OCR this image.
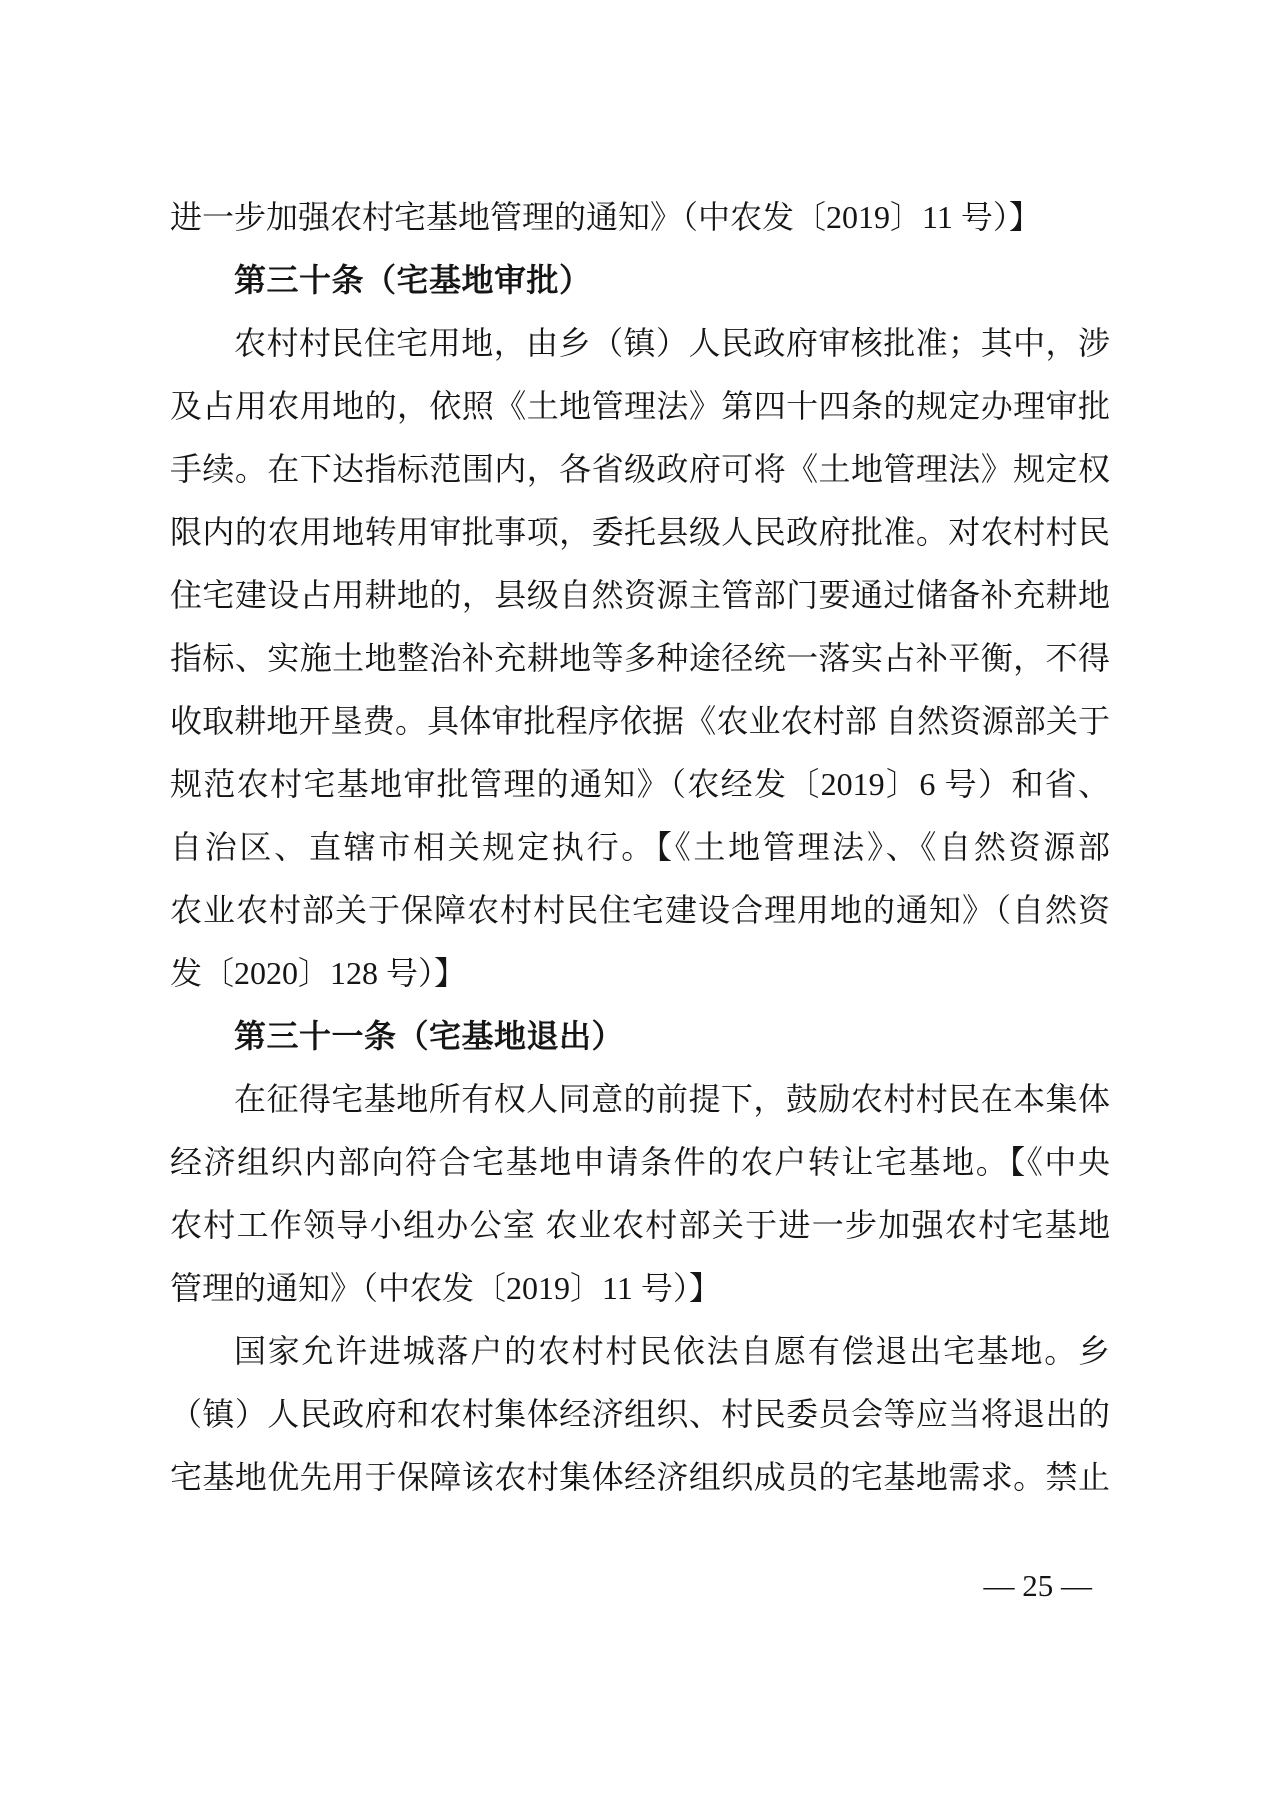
进一步加强农村宅基地管理的通知》（中农发〔2019〕11 号）】
第三十条（宅基地审批）
农村村民住宅用地，由乡（镇）人民政府审核批准；其中，涉
及占用农用地的，依照《土地管理法》第四十四条的规定办理审批
手续。在下达指标范围内，各省级政府可将《土地管理法》规定权
限内的农用地转用审批事项，委托县级人民政府批准。对农村村民
住宅建设占用耕地的，县级自然资源主管部门要通过储备补充耕地
指标、实施土地整治补充耕地等多种途径统一落实占补平衡，不得
收取耕地开垦费。具体审批程序依据《农业农村部 自然资源部关于
规范农村宅基地审批管理的通知》（农经发〔2019〕6 号）和省、
自治区、直辖市相关规定执行。【《土地管理法》、《自然资源部
农业农村部关于保障农村村民住宅建设合理用地的通知》（自然资
发〔2020〕128 号）】
第三十一条（宅基地退出）
在征得宅基地所有权人同意的前提下，鼓励农村村民在本集体
经济组织内部向符合宅基地申请条件的农户转让宅基地。【《中央
农村工作领导小组办公室 农业农村部关于进一步加强农村宅基地
管理的通知》（中农发〔2019〕11 号）】
国家允许进城落户的农村村民依法自愿有偿退出宅基地。乡
（镇）人民政府和农村集体经济组织、村民委员会等应当将退出的
宅基地优先用于保障该农村集体经济组织成员的宅基地需求。禁止
— 25 —
